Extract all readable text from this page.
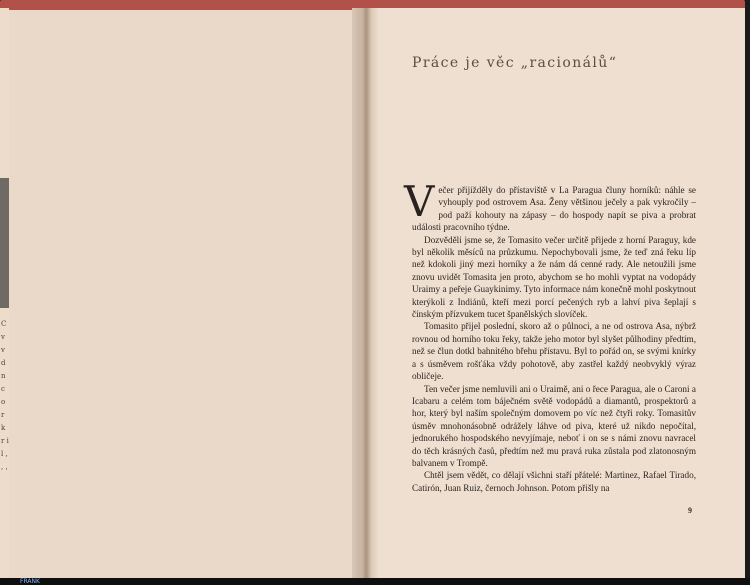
C v v d n c o r k r i l , , ,
Práce je věc „racionálů“

Večer přijížděly do přístaviště v La Paragua čluny horníků: náhle se vyhouply pod ostrovem Asa. Ženy většinou ječely a pak vykročily – pod paží kohouty na zápasy – do hospody napít se piva a probrat události pracovního týdne.

Dozvěděli jsme se, že Tomasito večer určitě přijede z horní Paraguy, kde byl několik měsíců na průzkumu. Nepochybovali jsme, že teď zná řeku líp než kdokoli jiný mezi horníky a že nám dá cenné rady. Ale netoužili jsme znovu uvidět Tomasita jen proto, abychom se ho mohli vyptat na vodopády Uraimy a peřeje Guaykinimy. Tyto informace nám konečně mohl poskytnout kterýkoli z Indiánů, kteří mezi porcí pečených ryb a lahví piva šeplají s čínským přízvukem tucet španělských slovíček.

Tomasito přijel poslední, skoro až o půlnoci, a ne od ostrova Asa, nýbrž rovnou od horního toku řeky, takže jeho motor byl slyšet půlhodiny předtím, než se člun dotkl bahnitého břehu přístavu. Byl to pořád on, se svými knírky a s úsměvem rošťáka vždy pohotově, aby zastřel každý neobvyklý výraz obličeje.

Ten večer jsme nemluvili ani o Uraimě, ani o řece Paragua, ale o Caroni a Icabaru a celém tom báječném světě vodopádů a diamantů, prospektorů a hor, který byl naším společným domovem po víc než čtyři roky. Tomasitův úsměv mnohonásobně odrážely láhve od piva, které už nikdo nepočítal, jednorukého hospodského nevyjímaje, neboť i on se s námi znovu navracel do těch krásných časů, předtím než mu pravá ruka zůstala pod zlatonosným balvanem v Trompě.

Chtěl jsem vědět, co dělají všichni staří přátelé: Martinez, Rafael Tirado, Catirón, Juan Ruiz, černoch Johnson. Potom přišly na

9
FRANK
